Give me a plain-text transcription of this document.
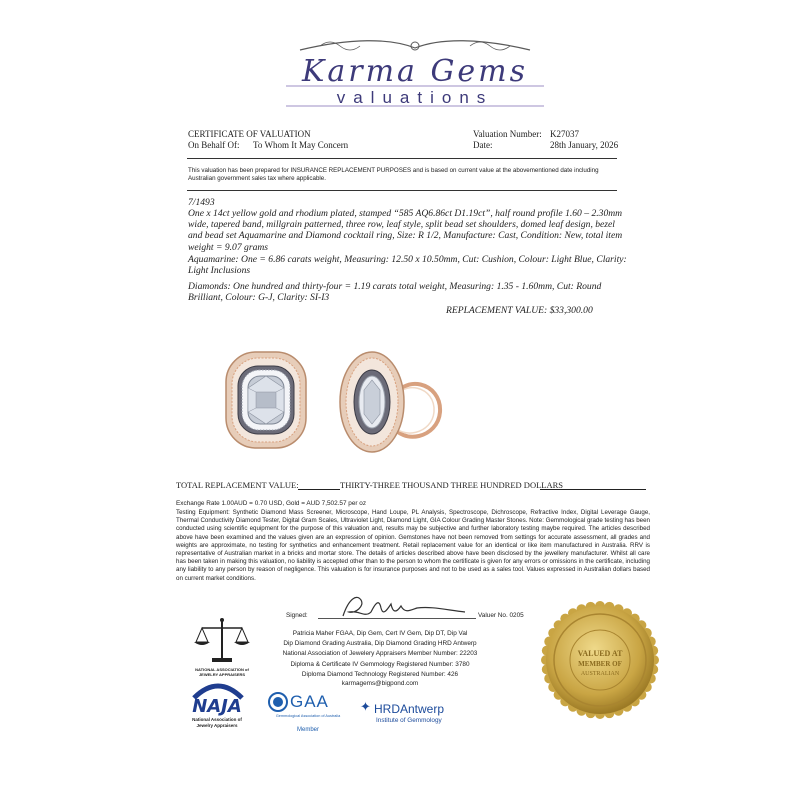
Karma Gems
valuations
CERTIFICATE OF VALUATION
On Behalf Of: To Whom It May Concern
Valuation Number: K27037
Date:	28th January, 2026
This valuation has been prepared for INSURANCE REPLACEMENT PURPOSES and is based on current value at the abovementioned date including Australian government sales tax where applicable.
7/1493
One x 14ct yellow gold and rhodium plated, stamped “585 AQ6.86ct D1.19ct”, half round profile 1.60 – 2.30mm wide, tapered band, millgrain patterned, three row, leaf style, split bead set shoulders, domed leaf design, bezel and bead set Aquamarine and Diamond cocktail ring, Size: R 1/2, Manufacture: Cast, Condition: New, total item weight = 9.07 grams
Aquamarine: One = 6.86 carats weight, Measuring: 12.50 x 10.50mm, Cut: Cushion, Colour: Light Blue, Clarity: Light Inclusions
Diamonds: One hundred and thirty-four = 1.19 carats total weight, Measuring: 1.35 - 1.60mm, Cut: Round Brilliant, Colour: G-J, Clarity: SI-I3
REPLACEMENT VALUE: $33,300.00
TOTAL REPLACEMENT VALUE:	THIRTY-THREE THOUSAND THREE HUNDRED DOLLARS
Exchange Rate 1.00AUD = 0.70 USD, Gold = AUD 7,502.57 per oz
Testing Equipment: Synthetic Diamond Mass Screener, Microscope, Hand Loupe, PL Analysis, Spectroscope, Dichroscope, Refractive Index, Digital Leverage Gauge, Thermal Conductivity Diamond Tester, Digital Gram Scales, Ultraviolet Light, Diamond Light, GIA Colour Grading Master Stones. Note: Gemmological grade testing has been conducted using scientific equipment for the purpose of this valuation and, results may be subjective and further laboratory testing maybe required. The articles described above have been examined and the values given are an expression of opinion. Gemstones have not been removed from settings for accurate assessment, all grades and weights are approximate, no testing for synthetics and enhancement treatment. Retail replacement value for an identical or like item manufactured in Australia. RRV is representative of Australian market in a bricks and mortar store. The details of articles described above have been disclosed by the jewellery manufacturer. Whilst all care has been taken in making this valuation, no liability is accepted other than to the person to whom the certificate is given for any errors or omissions in the certificate, including any liability to any person by reason of negligence. This valuation is for insurance purposes and not to be used as a sales tool. Values expressed in Australian dollars based on current market conditions.
Signed:	Valuer No. 0205
Patricia Maher FGAA, Dip Gem, Cert IV Gem, Dip DT, Dip Val
Dip Diamond Grading Australia, Dip Diamond Grading HRD Antwerp
National Association of Jewelery Appraisers Member Number: 22203
Diploma & Certificate IV Gemmology Registered Number: 3780
Diploma Diamond Technology Registered Number: 426
karmagems@bigpond.com
NATIONAL ASSOCIATION of JEWELRY APPRAISERS
NAJA
National Association of Jewelry Appraisers
GAA
Gemmological Association of Australia
Member
✦ HRDAntwerp
Institute of Gemmology
VALUED AT
MEMBER OF
AUSTRALIAN
